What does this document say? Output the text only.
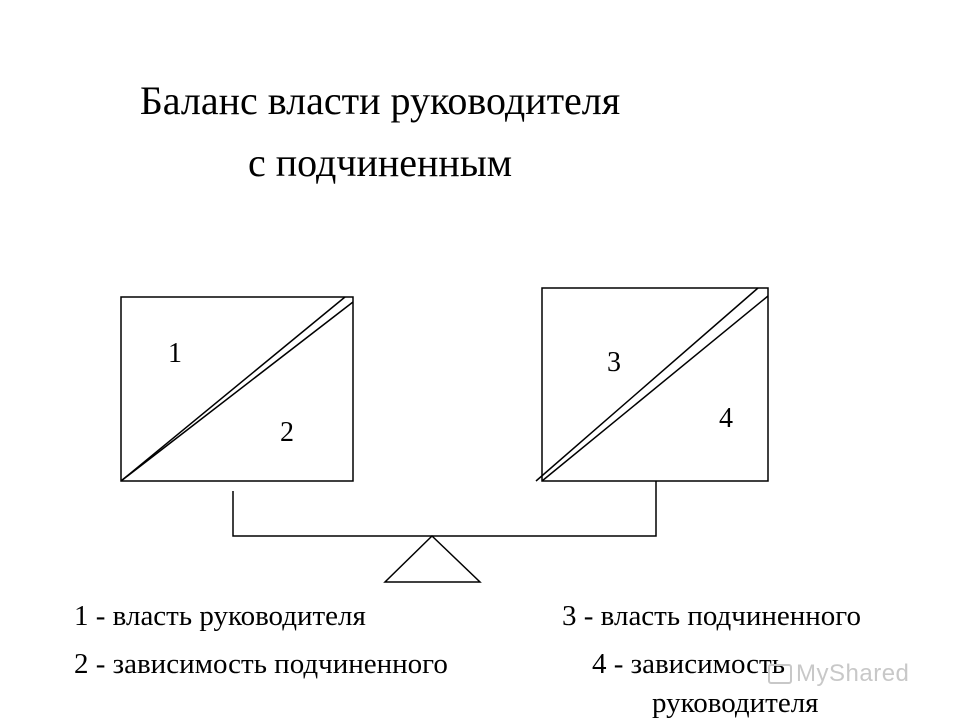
Баланс власти руководителя
с подчиненным
1
2
3
4
1 - власть руководителя
2 - зависимость подчиненного
3 - власть подчиненного
4 - зависимость
руководителя
MyShared
